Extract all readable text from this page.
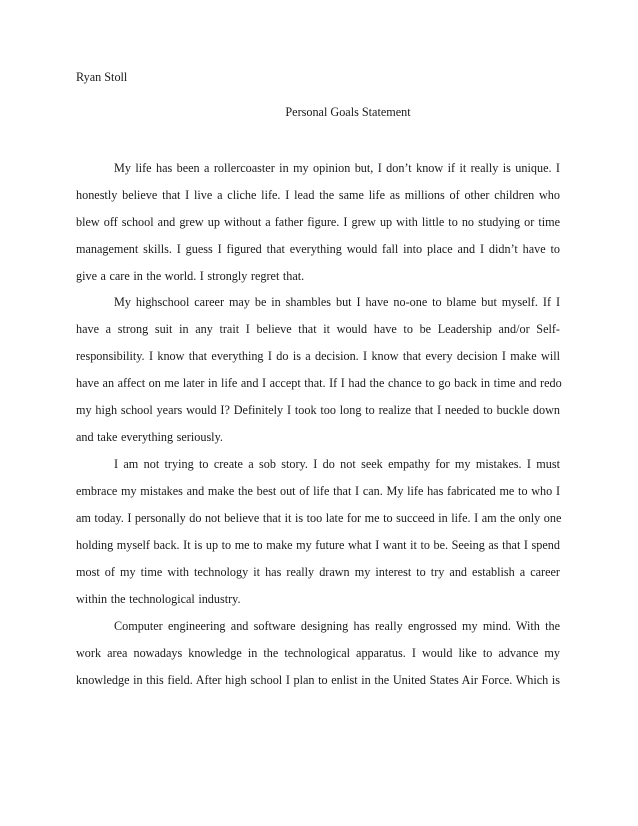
Ryan Stoll
Personal Goals Statement
My life has been a rollercoaster in my opinion but, I don’t know if it really is unique. I
honestly believe that I live a cliche life. I lead the same life as millions of other children who
blew off school and grew up without a father figure. I grew up with little to no studying or time
management skills. I guess I figured that everything would fall into place and I didn’t have to
give a care in the world. I strongly regret that.
My highschool career may be in shambles but I have no-one to blame but myself. If I
have a strong suit in any trait I believe that it would have to be Leadership and/or Self-
responsibility. I know that everything I do is a decision. I know that every decision I make will
have an affect on me later in life and I accept that. If I had the chance to go back in time and redo
my high school years would I? Definitely I took too long to realize that I needed to buckle down
and take everything seriously.
I am not trying to create a sob story. I do not seek empathy for my mistakes. I must
embrace my mistakes and make the best out of life that I can. My life has fabricated me to who I
am today. I personally do not believe that it is too late for me to succeed in life. I am the only one
holding myself back. It is up to me to make my future what I want it to be. Seeing as that I spend
most of my time with technology it has really drawn my interest to try and establish a career
within the technological industry.
Computer engineering and software designing has really engrossed my mind. With the
work area nowadays knowledge in the technological apparatus. I would like to advance my
knowledge in this field. After high school I plan to enlist in the United States Air Force. Which is
